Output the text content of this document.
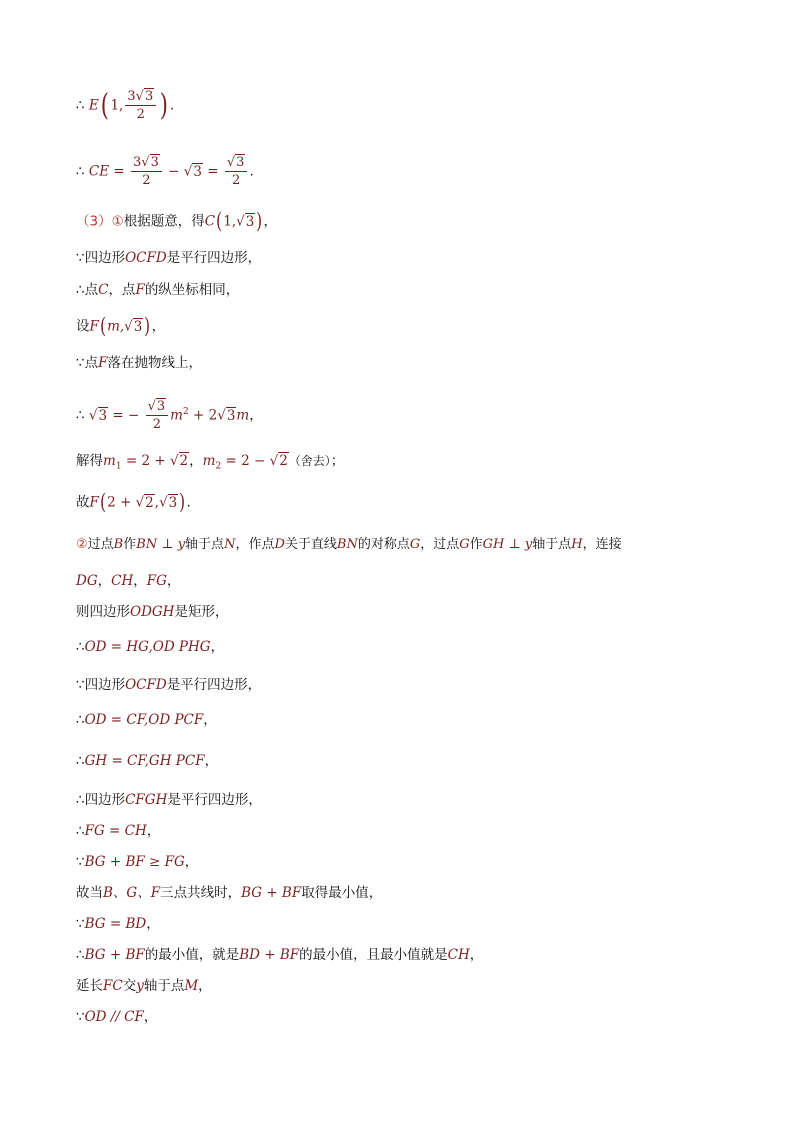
∴ E( 1, $\frac{3√3}{2}$ ) .
∴ CE = $\frac{3√3}{2} - √3 = \frac{√3}{2}$ .
（3）①根据题意，得C(1,√3)，
∵四边形OCFD是平行四边形，
∴点C，点F的纵坐标相同，
设F(m,√3)，
∵点F落在抛物线上，
∴ √3 = − $\frac{√3}{2} m^2 + 2√3m$，
解得$m_1 = 2 + √2$，$m_2 = 2 - √2$（舍去）；
故F(2 + √2,√3).
②过点B作BN ⊥ y轴于点N，作点D关于直线BN的对称点G，过点G作GH ⊥ y轴于点H，连接
DG，CH，FG，
则四边形ODGH是矩形，
∴OD = HG,OD PHG，
∵四边形OCFD是平行四边形，
∴OD = CF,OD PCF，
∴GH = CF,GH PCF，
∴四边形CFGH是平行四边形，
∴FG = CH，
∵BG + BF ≥ FG，
故当B、G、F三点共线时，BG + BF取得最小值，
∵BG = BD，
∴BG + BF的最小值，就是BD + BF的最小值，且最小值就是CH，
延长FC交y轴于点M，
∵OD // CF，
